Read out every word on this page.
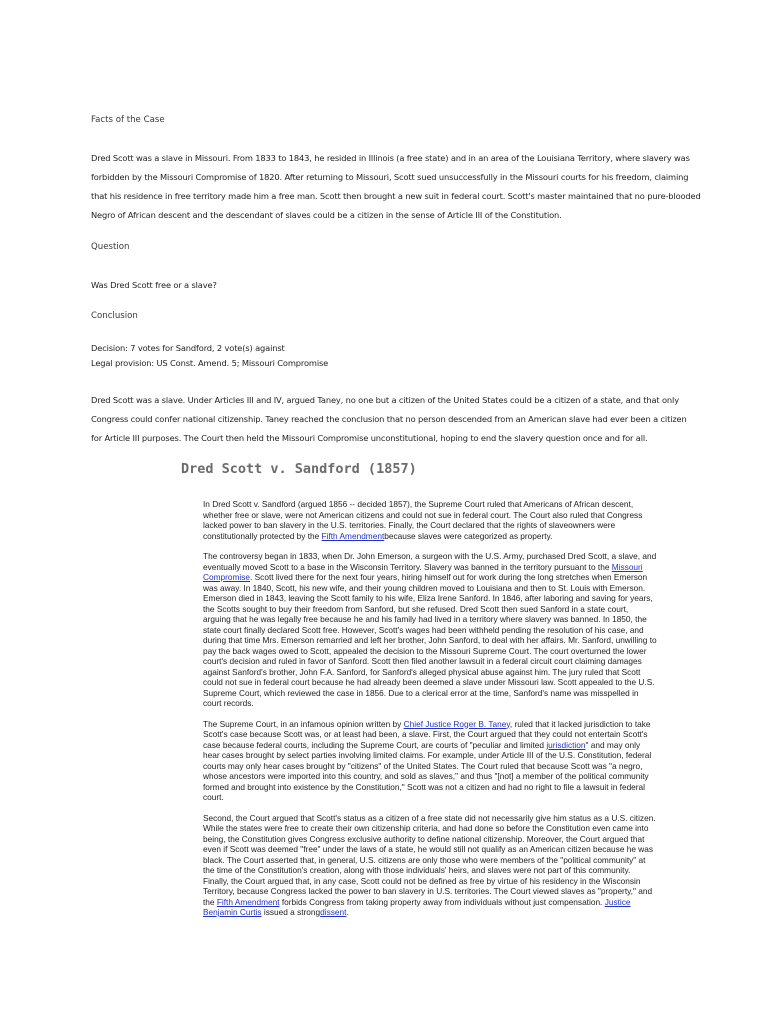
Facts of the Case
Dred Scott was a slave in Missouri. From 1833 to 1843, he resided in Illinois (a free state) and in an area of the Louisiana Territory, where slavery was
forbidden by the Missouri Compromise of 1820. After returning to Missouri, Scott sued unsuccessfully in the Missouri courts for his freedom, claiming
that his residence in free territory made him a free man. Scott then brought a new suit in federal court. Scott's master maintained that no pure-blooded
Negro of African descent and the descendant of slaves could be a citizen in the sense of Article III of the Constitution.
Question
Was Dred Scott free or a slave?
Conclusion
Decision: 7 votes for Sandford, 2 vote(s) against
Legal provision: US Const. Amend. 5; Missouri Compromise
Dred Scott was a slave. Under Articles III and IV, argued Taney, no one but a citizen of the United States could be a citizen of a state, and that only
Congress could confer national citizenship. Taney reached the conclusion that no person descended from an American slave had ever been a citizen
for Article III purposes. The Court then held the Missouri Compromise unconstitutional, hoping to end the slavery question once and for all.
Dred Scott v. Sandford (1857)

In Dred Scott v. Sandford (argued 1856 -- decided 1857), the Supreme Court ruled that Americans of African descent, whether free or slave, were not American citizens and could not sue in federal court. The Court also ruled that Congress lacked power to ban slavery in the U.S. territories. Finally, the Court declared that the rights of slaveowners were constitutionally protected by the Fifth Amendmentbecause slaves were categorized as property.

The controversy began in 1833, when Dr. John Emerson, a surgeon with the U.S. Army, purchased Dred Scott, a slave, and eventually moved Scott to a base in the Wisconsin Territory. Slavery was banned in the territory pursuant to the Missouri Compromise. Scott lived there for the next four years, hiring himself out for work during the long stretches when Emerson was away. In 1840, Scott, his new wife, and their young children moved to Louisiana and then to St. Louis with Emerson. Emerson died in 1843, leaving the Scott family to his wife, Eliza Irene Sanford. In 1846, after laboring and saving for years, the Scotts sought to buy their freedom from Sanford, but she refused. Dred Scott then sued Sanford in a state court, arguing that he was legally free because he and his family had lived in a territory where slavery was banned. In 1850, the state court finally declared Scott free. However, Scott's wages had been withheld pending the resolution of his case, and during that time Mrs. Emerson remarried and left her brother, John Sanford, to deal with her affairs. Mr. Sanford, unwilling to pay the back wages owed to Scott, appealed the decision to the Missouri Supreme Court. The court overturned the lower court's decision and ruled in favor of Sanford. Scott then filed another lawsuit in a federal circuit court claiming damages against Sanford's brother, John F.A. Sanford, for Sanford's alleged physical abuse against him. The jury ruled that Scott could not sue in federal court because he had already been deemed a slave under Missouri law. Scott appealed to the U.S. Supreme Court, which reviewed the case in 1856. Due to a clerical error at the time, Sanford's name was misspelled in court records.

The Supreme Court, in an infamous opinion written by Chief Justice Roger B. Taney, ruled that it lacked jurisdiction to take Scott's case because Scott was, or at least had been, a slave. First, the Court argued that they could not entertain Scott's case because federal courts, including the Supreme Court, are courts of "peculiar and limited jurisdiction" and may only hear cases brought by select parties involving limited claims. For example, under Article III of the U.S. Constitution, federal courts may only hear cases brought by "citizens" of the United States. The Court ruled that because Scott was "a negro, whose ancestors were imported into this country, and sold as slaves," and thus "[not] a member of the political community formed and brought into existence by the Constitution," Scott was not a citizen and had no right to file a lawsuit in federal court.

Second, the Court argued that Scott's status as a citizen of a free state did not necessarily give him status as a U.S. citizen. While the states were free to create their own citizenship criteria, and had done so before the Constitution even came into being, the Constitution gives Congress exclusive authority to define national citizenship. Moreover, the Court argued that even if Scott was deemed "free" under the laws of a state, he would still not qualify as an American citizen because he was black. The Court asserted that, in general, U.S. citizens are only those who were members of the "political community" at the time of the Constitution's creation, along with those individuals' heirs, and slaves were not part of this community. Finally, the Court argued that, in any case, Scott could not be defined as free by virtue of his residency in the Wisconsin Territory, because Congress lacked the power to ban slavery in U.S. territories. The Court viewed slaves as "property," and the Fifth Amendment forbids Congress from taking property away from individuals without just compensation. Justice Benjamin Curtis issued a strongdissent.
